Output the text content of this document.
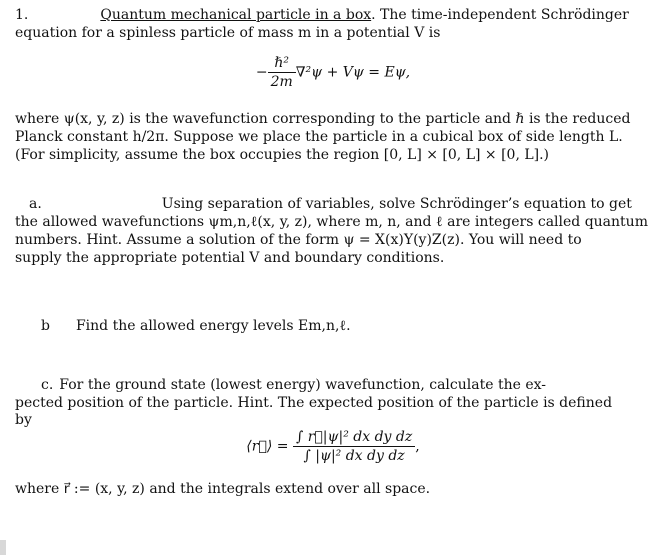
1.	Quantum mechanical particle in a box. The time-independent Schrödinger
equation for a spinless particle of mass m in a potential V is
− $\frac{\text{ℏ²}}{2m} \nabla^2\psi + V\psi = E\psi$,
where ψ(x, y, z) is the wavefunction corresponding to the particle and ℏ is the reduced
Planck constant h/2π. Suppose we place the particle in a cubical box of side length L.
(For simplicity, assume the box occupies the region [0, L] × [0, L] × [0, L].)
a.	Using separation of variables, solve Schrödinger’s equation to get
the allowed wavefunctions ψm,n,ℓ(x, y, z), where m, n, and ℓ are integers called quantum
numbers. Hint. Assume a solution of the form ψ = X(x)Y(y)Z(z). You will need to
supply the appropriate potential V and boundary conditions.
b Find the allowed energy levels Em,n,ℓ.
c. For the ground state (lowest energy) wavefunction, calculate the ex-
pected position of the particle. Hint. The expected position of the particle is defined
by
⟨r⃗⟩ = $\frac{\text{∫ r⃗|ψ|² dx dy dz}}{\text{∫ |ψ|² dx dy dz}}$ ,
where r⃗ := (x, y, z) and the integrals extend over all space.
